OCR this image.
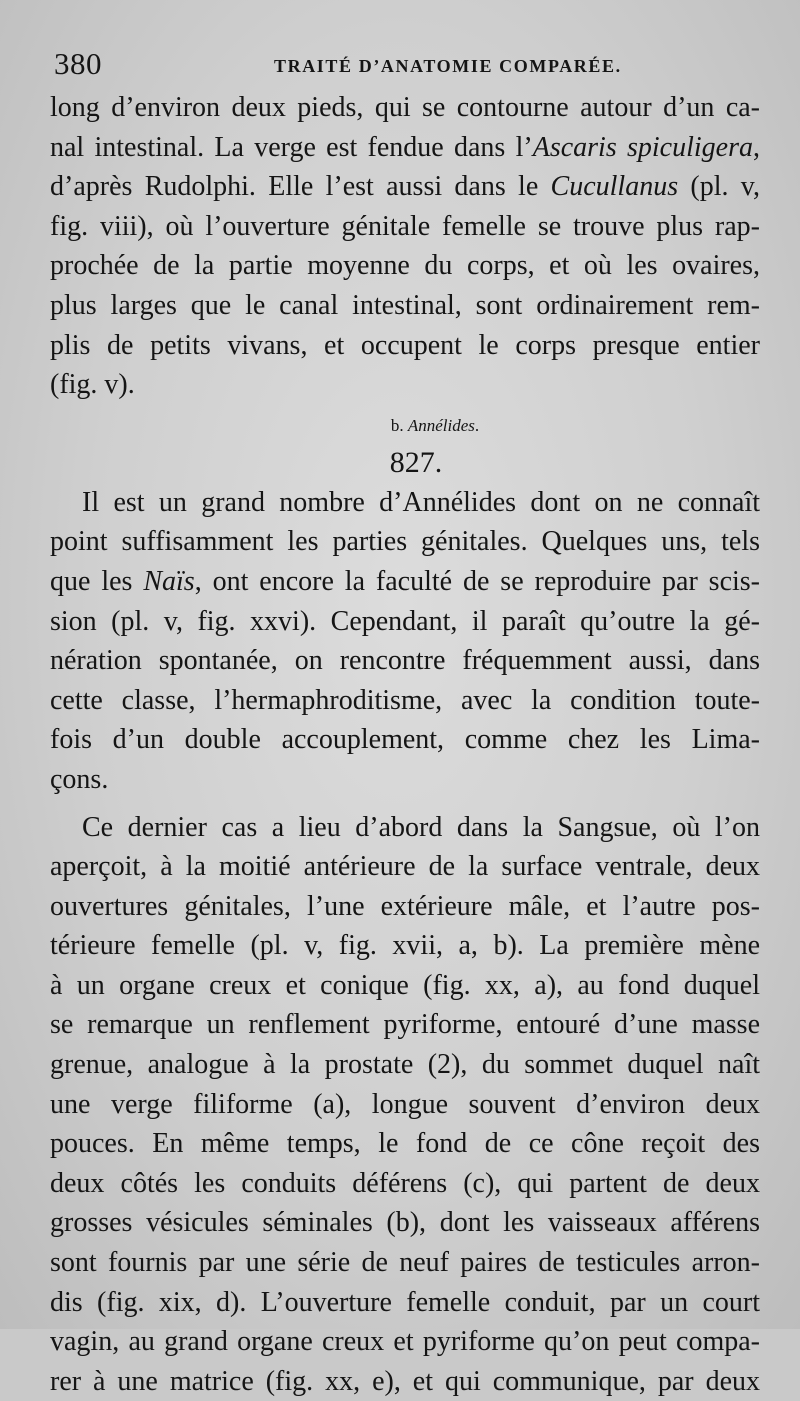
380	TRAITÉ D’ANATOMIE COMPARÉE.
long d’environ deux pieds, qui se contourne autour d’un ca-
nal intestinal. La verge est fendue dans l’Ascaris spiculigera,
d’après Rudolphi. Elle l’est aussi dans le Cucullanus (pl. v,
fig. viii), où l’ouverture génitale femelle se trouve plus rap-
prochée de la partie moyenne du corps, et où les ovaires,
plus larges que le canal intestinal, sont ordinairement rem-
plis de petits vivans, et occupent le corps presque entier
(fig. v).
b. Annélides.
827.
Il est un grand nombre d’Annélides dont on ne connaît
point suffisamment les parties génitales. Quelques uns, tels
que les Naïs, ont encore la faculté de se reproduire par scis-
sion (pl. v, fig. xxvi). Cependant, il paraît qu’outre la gé-
nération spontanée, on rencontre fréquemment aussi, dans
cette classe, l’hermaphroditisme, avec la condition toute-
fois d’un double accouplement, comme chez les Lima-
çons.
Ce dernier cas a lieu d’abord dans la Sangsue, où l’on
aperçoit, à la moitié antérieure de la surface ventrale, deux
ouvertures génitales, l’une extérieure mâle, et l’autre pos-
térieure femelle (pl. v, fig. xvii, a, b). La première mène
à un organe creux et conique (fig. xx, a), au fond duquel
se remarque un renflement pyriforme, entouré d’une masse
grenue, analogue à la prostate (2), du sommet duquel naît
une verge filiforme (a), longue souvent d’environ deux
pouces. En même temps, le fond de ce cône reçoit des
deux côtés les conduits déférens (c), qui partent de deux
grosses vésicules séminales (b), dont les vaisseaux afférens
sont fournis par une série de neuf paires de testicules arron-
dis (fig. xix, d). L’ouverture femelle conduit, par un court
vagin, au grand organe creux et pyriforme qu’on peut compa-
rer à une matrice (fig. xx, e), et qui communique, par deux
